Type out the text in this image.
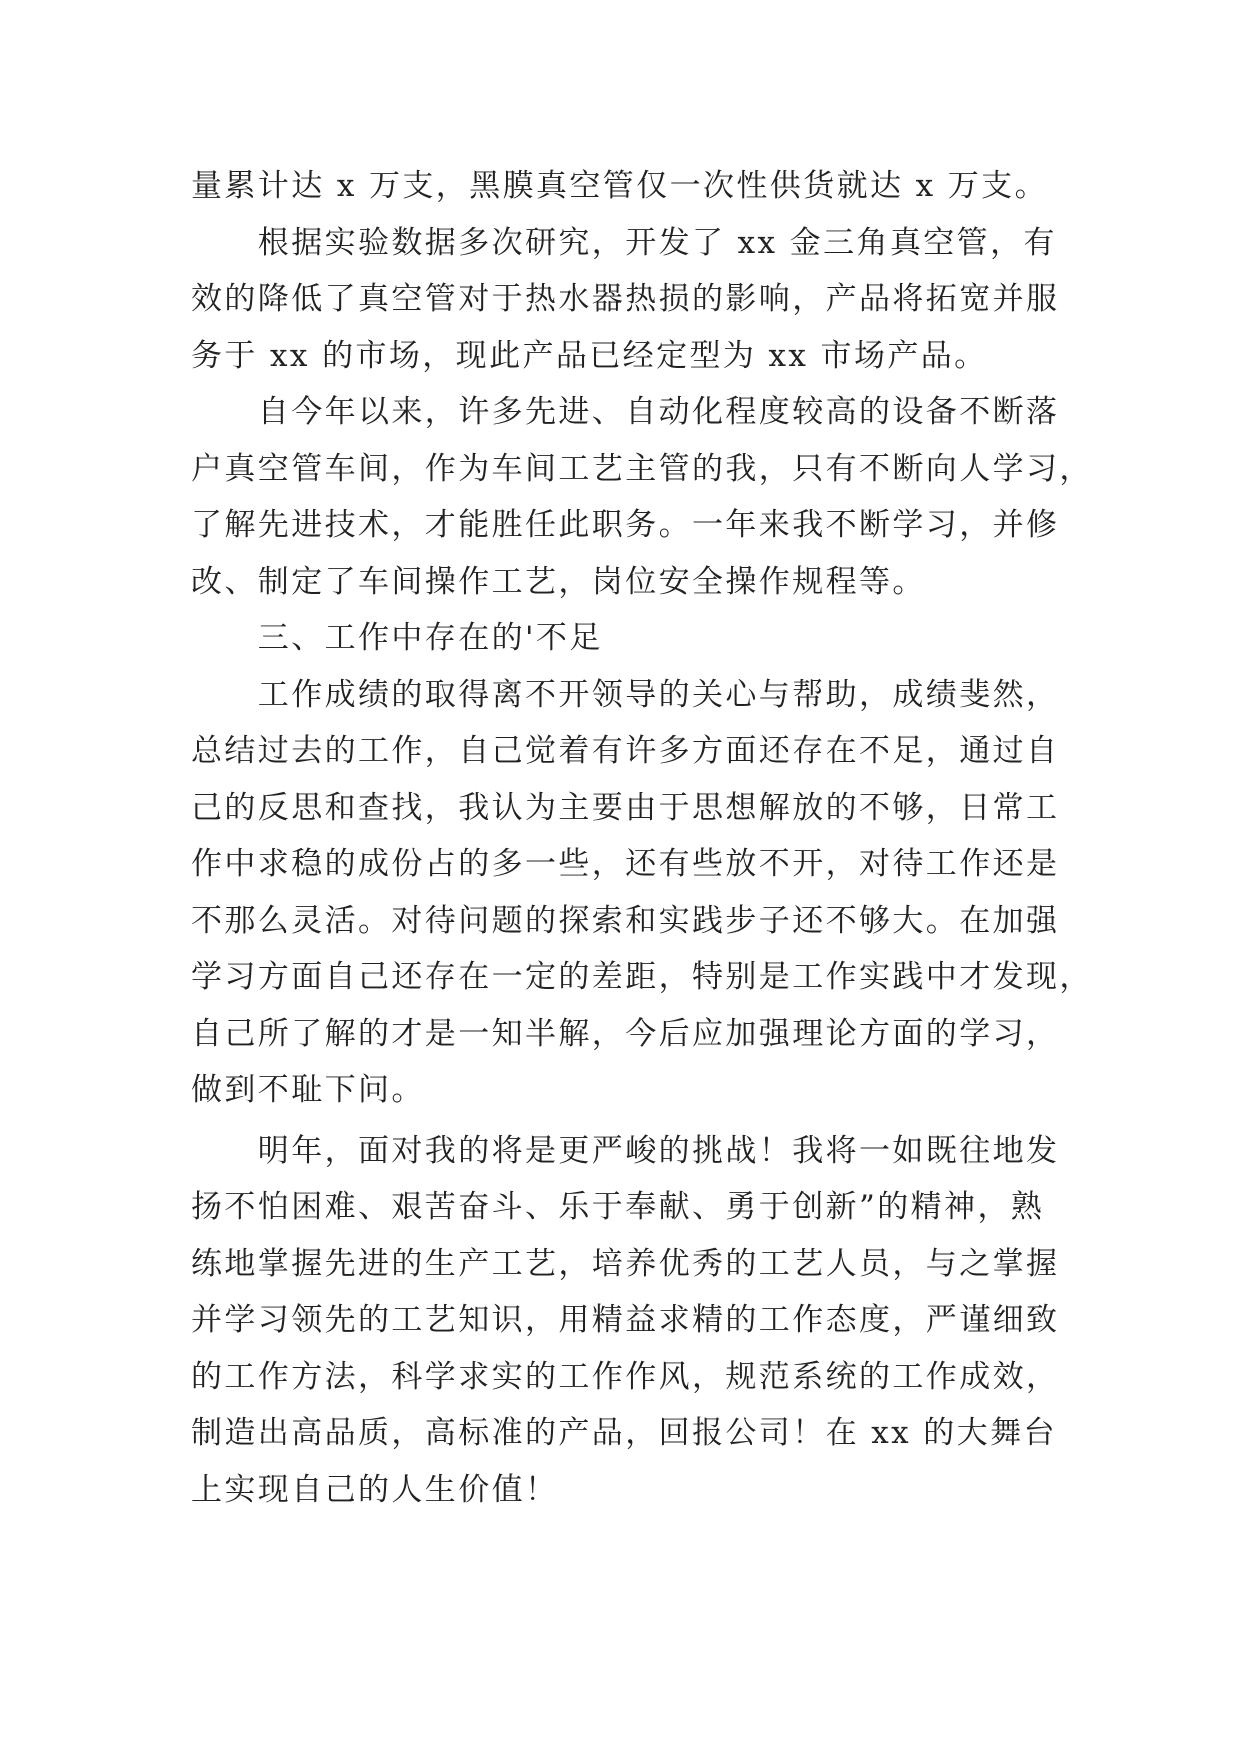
量累计达 x 万支，黑膜真空管仅一次性供货就达 x 万支。
　　根据实验数据多次研究，开发了 xx 金三角真空管，有
效的降低了真空管对于热水器热损的影响，产品将拓宽并服
务于 xx 的市场，现此产品已经定型为 xx 市场产品。
　　自今年以来，许多先进、自动化程度较高的设备不断落
户真空管车间，作为车间工艺主管的我，只有不断向人学习，
了解先进技术，才能胜任此职务。一年来我不断学习，并修
改、制定了车间操作工艺，岗位安全操作规程等。
　　三、工作中存在的'不足
　　工作成绩的取得离不开领导的关心与帮助，成绩斐然，
总结过去的工作，自己觉着有许多方面还存在不足，通过自
己的反思和查找，我认为主要由于思想解放的不够，日常工
作中求稳的成份占的多一些，还有些放不开，对待工作还是
不那么灵活。对待问题的探索和实践步子还不够大。在加强
学习方面自己还存在一定的差距，特别是工作实践中才发现，
自己所了解的才是一知半解，今后应加强理论方面的学习，
做到不耻下问。
　　明年，面对我的将是更严峻的挑战！我将一如既往地发
扬不怕困难、艰苦奋斗、乐于奉献、勇于创新”的精神，熟
练地掌握先进的生产工艺，培养优秀的工艺人员，与之掌握
并学习领先的工艺知识，用精益求精的工作态度，严谨细致
的工作方法，科学求实的工作作风，规范系统的工作成效，
制造出高品质，高标准的产品，回报公司！在 xx 的大舞台
上实现自己的人生价值！
